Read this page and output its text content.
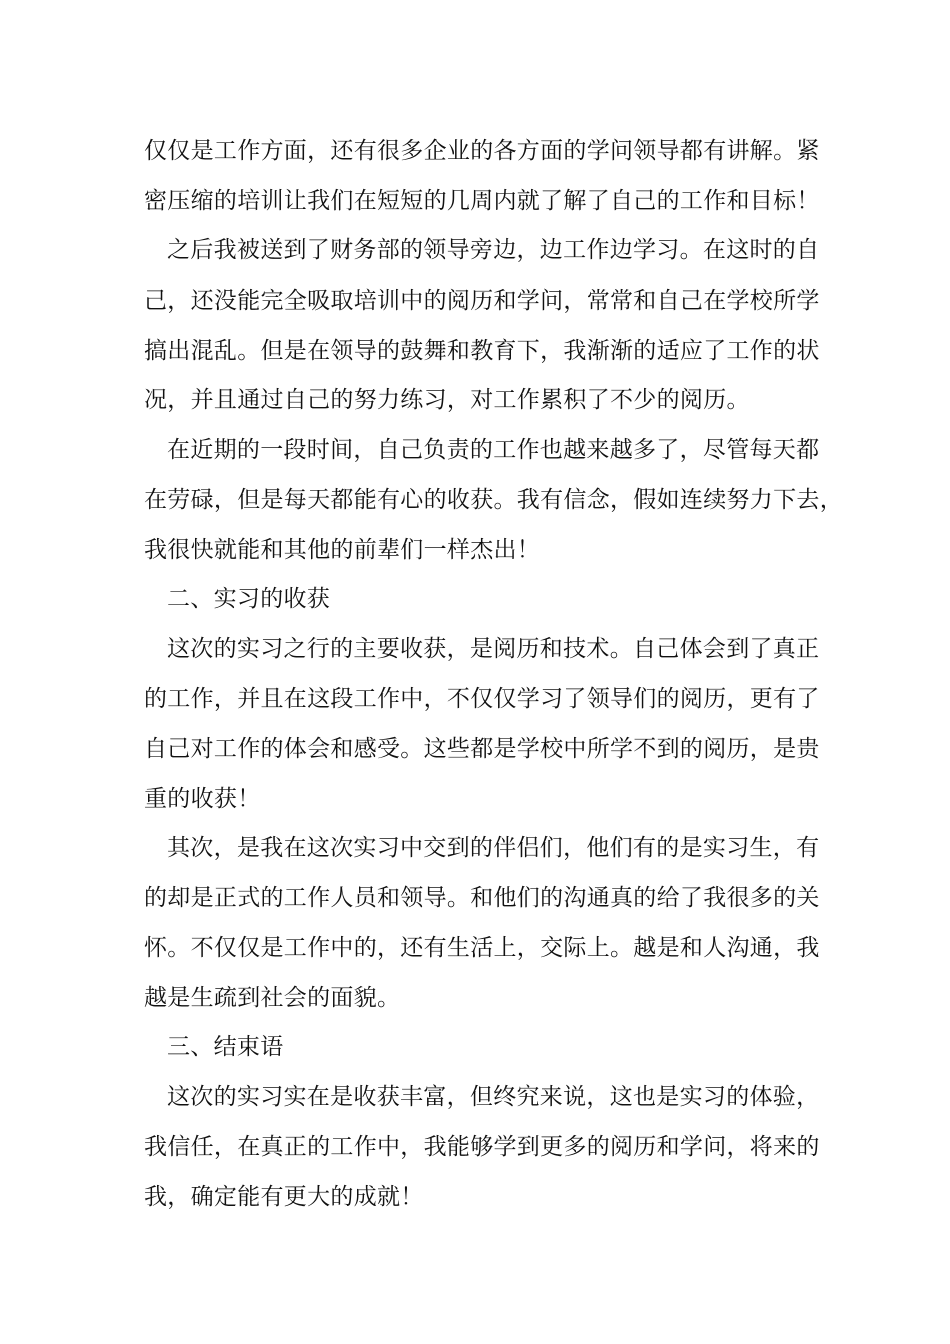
仅仅是工作方面，还有很多企业的各方面的学问领导都有讲解。紧

密压缩的培训让我们在短短的几周内就了解了自己的工作和目标！

之后我被送到了财务部的领导旁边，边工作边学习。在这时的自

己，还没能完全吸取培训中的阅历和学问，常常和自己在学校所学

搞出混乱。但是在领导的鼓舞和教育下，我渐渐的适应了工作的状

况，并且通过自己的努力练习，对工作累积了不少的阅历。

在近期的一段时间，自己负责的工作也越来越多了，尽管每天都

在劳碌，但是每天都能有心的收获。我有信念，假如连续努力下去，

我很快就能和其他的前辈们一样杰出！

二、实习的收获

这次的实习之行的主要收获，是阅历和技术。自己体会到了真正

的工作，并且在这段工作中，不仅仅学习了领导们的阅历，更有了

自己对工作的体会和感受。这些都是学校中所学不到的阅历，是贵

重的收获！

其次，是我在这次实习中交到的伴侣们，他们有的是实习生，有

的却是正式的工作人员和领导。和他们的沟通真的给了我很多的关

怀。不仅仅是工作中的，还有生活上，交际上。越是和人沟通，我

越是生疏到社会的面貌。

三、结束语

这次的实习实在是收获丰富，但终究来说，这也是实习的体验，

我信任，在真正的工作中，我能够学到更多的阅历和学问，将来的

我，确定能有更大的成就！
